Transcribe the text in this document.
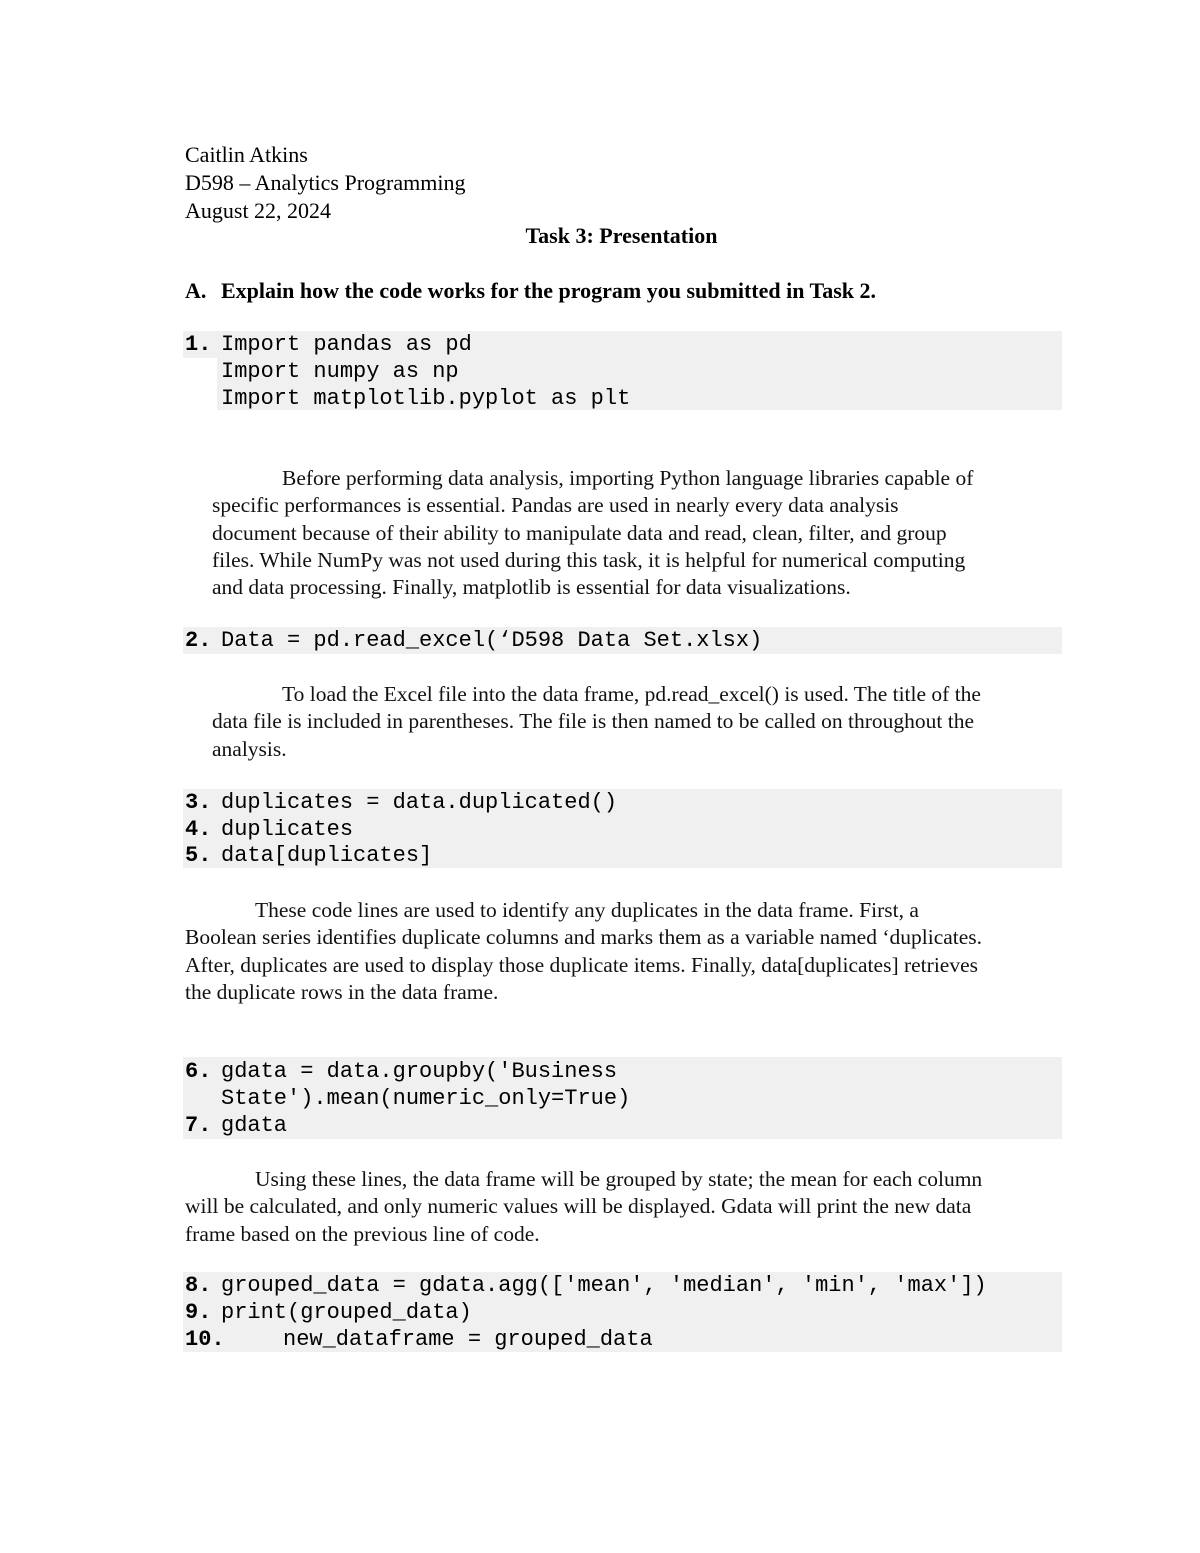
Caitlin Atkins
D598 – Analytics Programming
August 22, 2024
Task 3: Presentation
A. Explain how the code works for the program you submitted in Task 2.
1. Import pandas as pd
Import numpy as np
Import matplotlib.pyplot as plt
Before performing data analysis, importing Python language libraries capable of
specific performances is essential. Pandas are used in nearly every data analysis
document because of their ability to manipulate data and read, clean, filter, and group
files. While NumPy was not used during this task, it is helpful for numerical computing
and data processing. Finally, matplotlib is essential for data visualizations.
2. Data = pd.read_excel(‘D598 Data Set.xlsx)
To load the Excel file into the data frame, pd.read_excel() is used. The title of the
data file is included in parentheses. The file is then named to be called on throughout the
analysis.
3. duplicates = data.duplicated()
4. duplicates
5. data[duplicates]
These code lines are used to identify any duplicates in the data frame. First, a
Boolean series identifies duplicate columns and marks them as a variable named ‘duplicates.
After, duplicates are used to display those duplicate items. Finally, data[duplicates] retrieves
the duplicate rows in the data frame.
6. gdata = data.groupby('Business
State').mean(numeric_only=True)
7. gdata
Using these lines, the data frame will be grouped by state; the mean for each column
will be calculated, and only numeric values will be displayed. Gdata will print the new data
frame based on the previous line of code.
8. grouped_data = gdata.agg(['mean', 'median', 'min', 'max'])
9. print(grouped_data)
10.	new_dataframe = grouped_data
